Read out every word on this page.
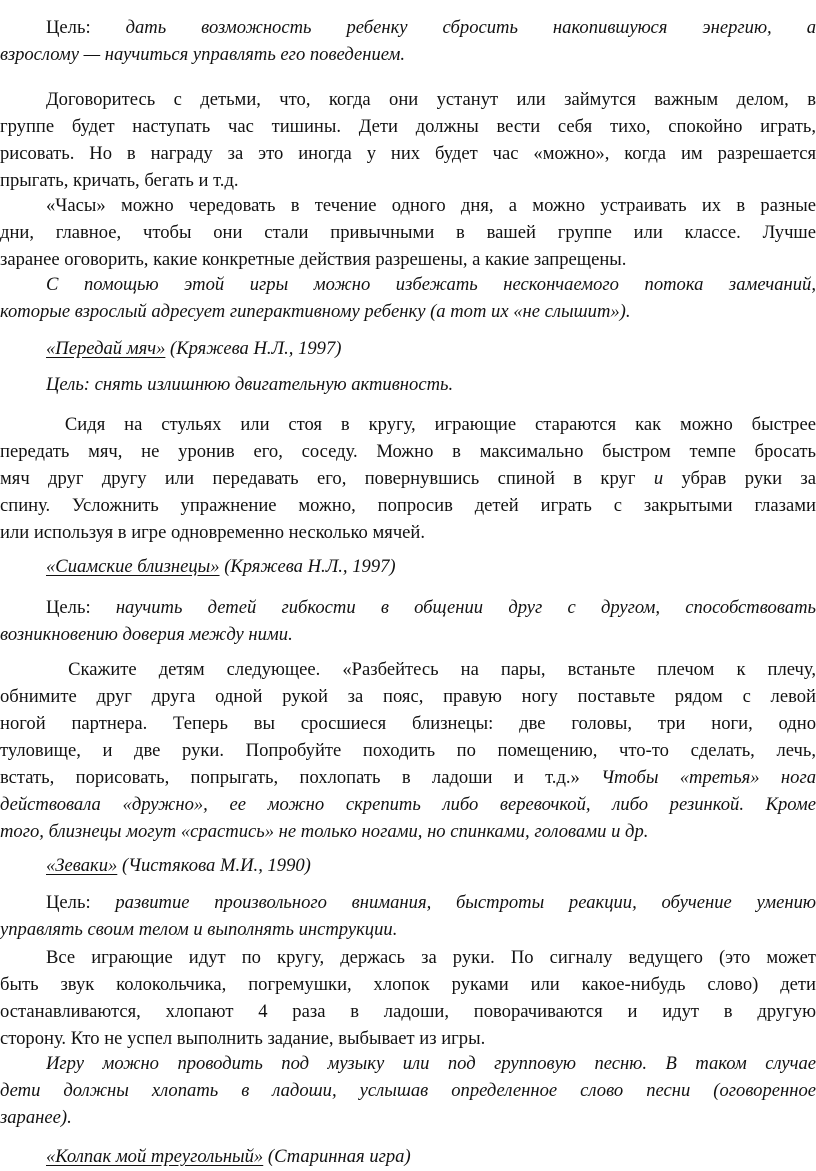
Цель: дать возможность ребенку сбросить накопившуюся энергию, а
взрослому — научиться управлять его поведением.
Договоритесь с детьми, что, когда они устанут или займутся важным делом, в
группе будет наступать час тишины. Дети должны вести себя тихо, спокойно играть,
рисовать. Но в награду за это иногда у них будет час «можно», когда им разрешается
прыгать, кричать, бегать и т.д.
«Часы» можно чередовать в течение одного дня, а можно устраивать их в разные
дни, главное, чтобы они стали привычными в вашей группе или классе. Лучше
заранее оговорить, какие конкретные действия разрешены, а какие запрещены.
С помощью этой игры можно избежать нескончаемого потока замечаний,
которые взрослый адресует гиперактивному ребенку (а тот их «не слышит»).
«Передай мяч» (Кряжева Н.Л., 1997)
Цель: снять излишнюю двигательную активность.
Сидя на стульях или стоя в кругу, играющие стараются как можно быстрее
передать мяч, не уронив его, соседу. Можно в максимально быстром темпе бросать
мяч друг другу или передавать его, повернувшись спиной в круг и убрав руки за
спину. Усложнить упражнение можно, попросив детей играть с закрытыми глазами
или используя в игре одновременно несколько мячей.
«Сиамские близнецы» (Кряжева Н.Л., 1997)
Цель: научить детей гибкости в общении друг с другом, способствовать
возникновению доверия между ними.
Скажите детям следующее. «Разбейтесь на пары, встаньте плечом к плечу,
обнимите друг друга одной рукой за пояс, правую ногу поставьте рядом с левой
ногой партнера. Теперь вы сросшиеся близнецы: две головы, три ноги, одно
туловище, и две руки. Попробуйте походить по помещению, что-то сделать, лечь,
встать, порисовать, попрыгать, похлопать в ладоши и т.д.» Чтобы «третья» нога
действовала «дружно», ее можно скрепить либо веревочкой, либо резинкой. Кроме
того, близнецы могут «срастись» не только ногами, но спинками, головами и др.
«Зеваки» (Чистякова М.И., 1990)
Цель: развитие произвольного внимания, быстроты реакции, обучение умению
управлять своим телом и выполнять инструкции.
Все играющие идут по кругу, держась за руки. По сигналу ведущего (это может
быть звук колокольчика, погремушки, хлопок руками или какое-нибудь слово) дети
останавливаются, хлопают 4 раза в ладоши, поворачиваются и идут в другую
сторону. Кто не успел выполнить задание, выбывает из игры.
Игру можно проводить под музыку или под групповую песню. В таком случае
дети должны хлопать в ладоши, услышав определенное слово песни (оговоренное
заранее).
«Колпак мой треугольный» (Старинная игра)
